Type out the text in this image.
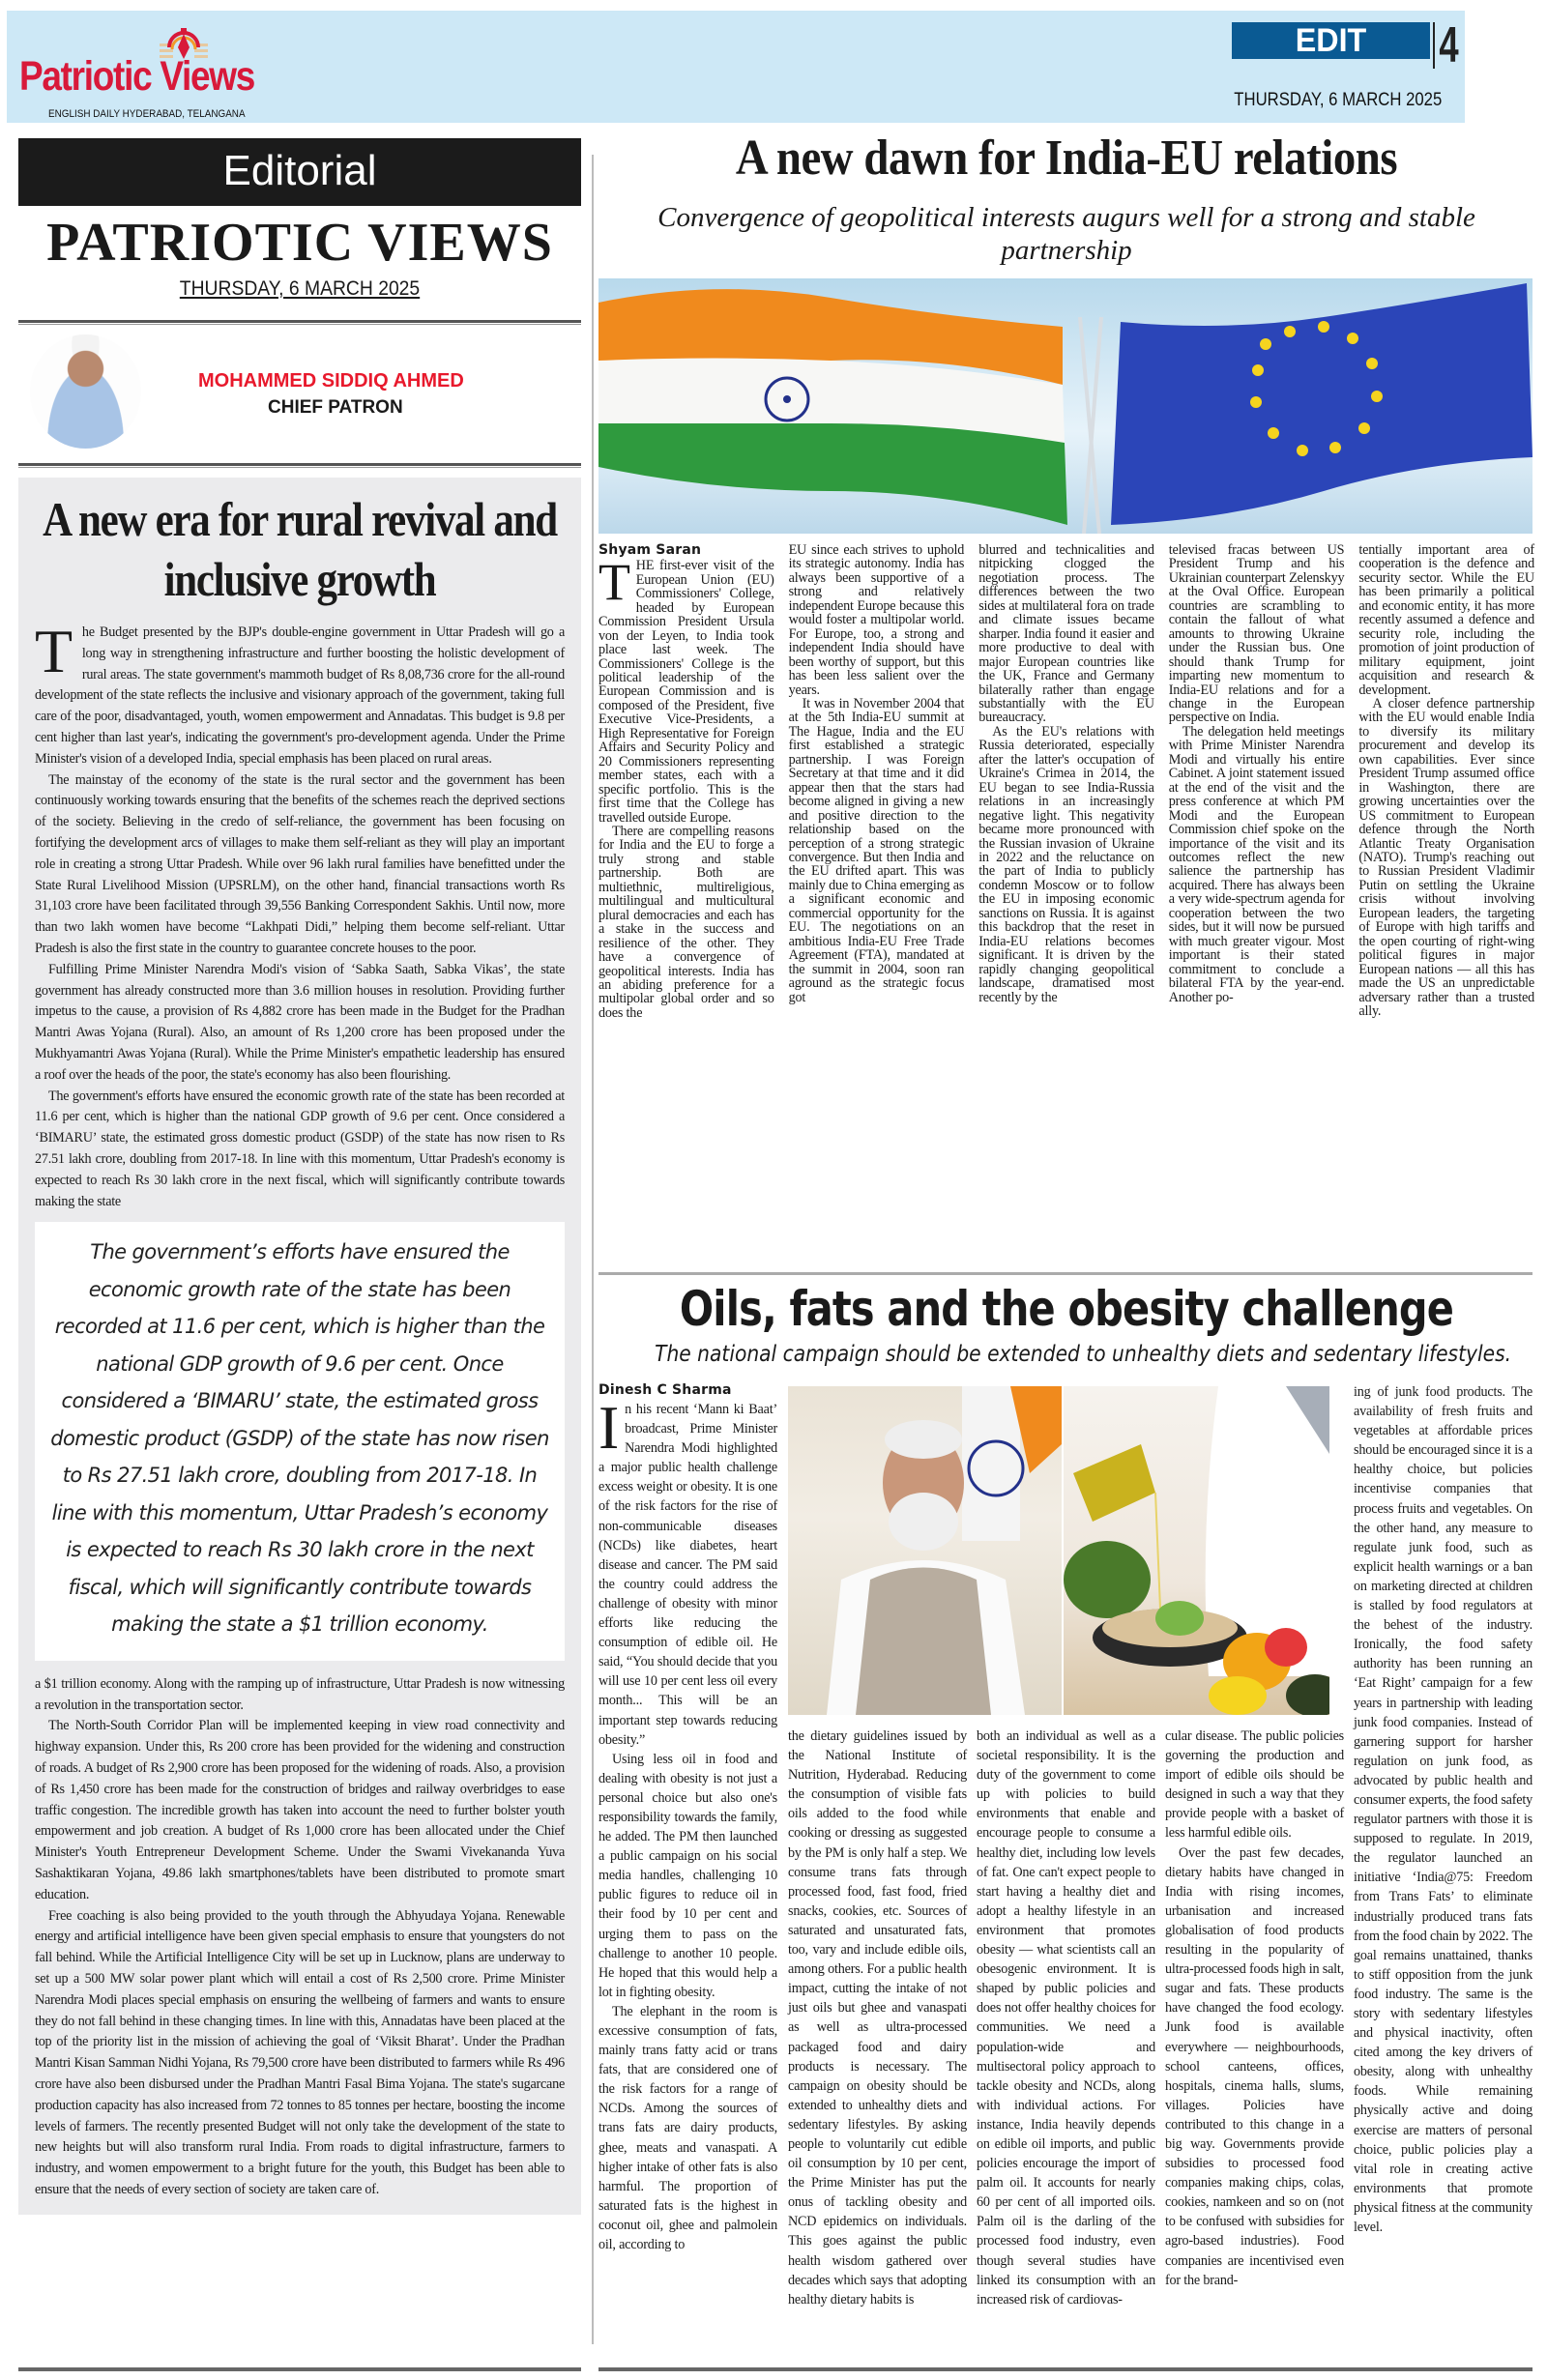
Patriotic Views
ENGLISH DAILY HYDERABAD, TELANGANA
EDIT	4
THURSDAY, 6 MARCH 2025
Editorial
PATRIOTIC VIEWS
THURSDAY, 6 MARCH 2025
MOHAMMED SIDDIQ AHMED
CHIEF PATRON
A new era for rural revival and inclusive growth

The Budget presented by the BJP's double-engine government in Uttar Pradesh will go a long way in strengthening infrastructure and further boosting the holistic development of rural areas. The state government's mammoth budget of Rs 8,08,736 crore for the all-round development of the state reflects the inclusive and visionary approach of the government, taking full care of the poor, disadvantaged, youth, women empowerment and Annadatas. This budget is 9.8 per cent higher than last year's, indicating the government's pro-development agenda. Under the Prime Minister's vision of a developed India, special emphasis has been placed on rural areas.

The mainstay of the economy of the state is the rural sector and the government has been continuously working towards ensuring that the benefits of the schemes reach the deprived sections of the society. Believing in the credo of self-reliance, the government has been focusing on fortifying the development arcs of villages to make them self-reliant as they will play an important role in creating a strong Uttar Pradesh. While over 96 lakh rural families have benefitted under the State Rural Livelihood Mission (UPSRLM), on the other hand, financial transactions worth Rs 31,103 crore have been facilitated through 39,556 Banking Correspondent Sakhis. Until now, more than two lakh women have become “Lakhpati Didi,” helping them become self-reliant. Uttar Pradesh is also the first state in the country to guarantee concrete houses to the poor.

Fulfilling Prime Minister Narendra Modi's vision of ‘Sabka Saath, Sabka Vikas’, the state government has already constructed more than 3.6 million houses in resolution. Providing further impetus to the cause, a provision of Rs 4,882 crore has been made in the Budget for the Pradhan Mantri Awas Yojana (Rural). Also, an amount of Rs 1,200 crore has been proposed under the Mukhyamantri Awas Yojana (Rural). While the Prime Minister's empathetic leadership has ensured a roof over the heads of the poor, the state's economy has also been flourishing.

The government's efforts have ensured the economic growth rate of the state has been recorded at 11.6 per cent, which is higher than the national GDP growth of 9.6 per cent. Once considered a ‘BIMARU’ state, the estimated gross domestic product (GSDP) of the state has now risen to Rs 27.51 lakh crore, doubling from 2017-18. In line with this momentum, Uttar Pradesh's economy is expected to reach Rs 30 lakh crore in the next fiscal, which will significantly contribute towards making the state

The government’s efforts have ensured the economic growth rate of the state has been recorded at 11.6 per cent, which is higher than the national GDP growth of 9.6 per cent. Once considered a ‘BIMARU’ state, the estimated gross domestic product (GSDP) of the state has now risen to Rs 27.51 lakh crore, doubling from 2017-18. In line with this momentum, Uttar Pradesh’s economy is expected to reach Rs 30 lakh crore in the next fiscal, which will significantly contribute towards making the state a $1 trillion economy.

a $1 trillion economy. Along with the ramping up of infrastructure, Uttar Pradesh is now witnessing a revolution in the transportation sector.

The North-South Corridor Plan will be implemented keeping in view road connectivity and highway expansion. Under this, Rs 200 crore has been provided for the widening and construction of roads. A budget of Rs 2,900 crore has been proposed for the widening of roads. Also, a provision of Rs 1,450 crore has been made for the construction of bridges and railway overbridges to ease traffic congestion. The incredible growth has taken into account the need to further bolster youth empowerment and job creation. A budget of Rs 1,000 crore has been allocated under the Chief Minister's Youth Entrepreneur Development Scheme. Under the Swami Vivekananda Yuva Sashaktikaran Yojana, 49.86 lakh smartphones/tablets have been distributed to promote smart education.

Free coaching is also being provided to the youth through the Abhyudaya Yojana. Renewable energy and artificial intelligence have been given special emphasis to ensure that youngsters do not fall behind. While the Artificial Intelligence City will be set up in Lucknow, plans are underway to set up a 500 MW solar power plant which will entail a cost of Rs 2,500 crore. Prime Minister Narendra Modi places special emphasis on ensuring the wellbeing of farmers and wants to ensure they do not fall behind in these changing times. In line with this, Annadatas have been placed at the top of the priority list in the mission of achieving the goal of ‘Viksit Bharat’. Under the Pradhan Mantri Kisan Samman Nidhi Yojana, Rs 79,500 crore have been distributed to farmers while Rs 496 crore have also been disbursed under the Pradhan Mantri Fasal Bima Yojana. The state's sugarcane production capacity has also increased from 72 tonnes to 85 tonnes per hectare, boosting the income levels of farmers. The recently presented Budget will not only take the development of the state to new heights but will also transform rural India. From roads to digital infrastructure, farmers to industry, and women empowerment to a bright future for the youth, this Budget has been able to ensure that the needs of every section of society are taken care of.

A new dawn for India-EU relations
Convergence of geopolitical interests augurs well for a strong and stable partnership
Shyam Saran

THE first-ever visit of the European Union (EU) Commissioners' College, headed by European Commission President Ursula von der Leyen, to India took place last week. The Commissioners' College is the political leadership of the European Commission and is composed of the President, five Executive Vice-Presidents, a High Representative for Foreign Affairs and Security Policy and 20 Commissioners representing member states, each with a specific portfolio. This is the first time that the College has travelled outside Europe.

There are compelling reasons for India and the EU to forge a truly strong and stable partnership. Both are multiethnic, multireligious, multilingual and multicultural plural democracies and each has a stake in the success and resilience of the other. They have a convergence of geopolitical interests. India has an abiding preference for a multipolar global order and so does the

EU since each strives to uphold its strategic autonomy. India has always been supportive of a strong and relatively independent Europe because this would foster a multipolar world. For Europe, too, a strong and independent India should have been worthy of support, but this has been less salient over the years.

It was in November 2004 that at the 5th India-EU summit at The Hague, India and the EU first established a strategic partnership. I was Foreign Secretary at that time and it did appear then that the stars had become aligned in giving a new and positive direction to the relationship based on the perception of a strong strategic convergence. But then India and the EU drifted apart. This was mainly due to China emerging as a significant economic and commercial opportunity for the EU. The negotiations on an ambitious India-EU Free Trade Agreement (FTA), mandated at the summit in 2004, soon ran aground as the strategic focus got

blurred and technicalities and nitpicking clogged the negotiation process. The differences between the two sides at multilateral fora on trade and climate issues became sharper. India found it easier and more productive to deal with major European countries like the UK, France and Germany bilaterally rather than engage substantially with the EU bureaucracy.

As the EU's relations with Russia deteriorated, especially after the latter's occupation of Ukraine's Crimea in 2014, the EU began to see India-Russia relations in an increasingly negative light. This negativity became more pronounced with the Russian invasion of Ukraine in 2022 and the reluctance on the part of India to publicly condemn Moscow or to follow the EU in imposing economic sanctions on Russia. It is against this backdrop that the reset in India-EU relations becomes significant. It is driven by the rapidly changing geopolitical landscape, dramatised most recently by the

televised fracas between US President Trump and his Ukrainian counterpart Zelenskyy at the Oval Office. European countries are scrambling to contain the fallout of what amounts to throwing Ukraine under the Russian bus. One should thank Trump for imparting new momentum to India-EU relations and for a change in the European perspective on India.

The delegation held meetings with Prime Minister Narendra Modi and virtually his entire Cabinet. A joint statement issued at the end of the visit and the press conference at which PM Modi and the European Commission chief spoke on the importance of the visit and its outcomes reflect the new salience the partnership has acquired. There has always been a very wide-spectrum agenda for cooperation between the two sides, but it will now be pursued with much greater vigour. Most important is their stated commitment to conclude a bilateral FTA by the year-end. Another po-

tentially important area of cooperation is the defence and security sector. While the EU has been primarily a political and economic entity, it has more recently assumed a defence and security role, including the promotion of joint production of military equipment, joint acquisition and research & development.

A closer defence partnership with the EU would enable India to diversify its military procurement and develop its own capabilities. Ever since President Trump assumed office in Washington, there are growing uncertainties over the US commitment to European defence through the North Atlantic Treaty Organisation (NATO). Trump's reaching out to Russian President Vladimir Putin on settling the Ukraine crisis without involving European leaders, the targeting of Europe with high tariffs and the open courting of right-wing political figures in major European nations — all this has made the US an unpredictable adversary rather than a trusted ally.

Oils, fats and the obesity challenge
The national campaign should be extended to unhealthy diets and sedentary lifestyles.
Dinesh C Sharma

In his recent ‘Mann ki Baat’ broadcast, Prime Minister Narendra Modi highlighted a major public health challenge excess weight or obesity. It is one of the risk factors for the rise of non-communicable diseases (NCDs) like diabetes, heart disease and cancer. The PM said the country could address the challenge of obesity with minor efforts like reducing the consumption of edible oil. He said, “You should decide that you will use 10 per cent less oil every month... This will be an important step towards reducing obesity.”

Using less oil in food and dealing with obesity is not just a personal choice but also one's responsibility towards the family, he added. The PM then launched a public campaign on his social media handles, challenging 10 public figures to reduce oil in their food by 10 per cent and urging them to pass on the challenge to another 10 people. He hoped that this would help a lot in fighting obesity.

The elephant in the room is excessive consumption of fats, mainly trans fatty acid or trans fats, that are considered one of the risk factors for a range of NCDs. Among the sources of trans fats are dairy products, ghee, meats and vanaspati. A higher intake of other fats is also harmful. The proportion of saturated fats is the highest in coconut oil, ghee and palmolein oil, according to

the dietary guidelines issued by the National Institute of Nutrition, Hyderabad. Reducing the consumption of visible fats oils added to the food while cooking or dressing as suggested by the PM is only half a step. We consume trans fats through processed food, fast food, fried snacks, cookies, etc. Sources of saturated and unsaturated fats, too, vary and include edible oils, among others. For a public health impact, cutting the intake of not just oils but ghee and vanaspati as well as ultra-processed packaged food and dairy products is necessary. The campaign on obesity should be extended to unhealthy diets and sedentary lifestyles. By asking people to voluntarily cut edible oil consumption by 10 per cent, the Prime Minister has put the onus of tackling obesity and NCD epidemics on individuals. This goes against the public health wisdom gathered over decades which says that adopting healthy dietary habits is

both an individual as well as a societal responsibility. It is the duty of the government to come up with policies to build environments that enable and encourage people to consume a healthy diet, including low levels of fat. One can't expect people to start having a healthy diet and adopt a healthy lifestyle in an environment that promotes obesity — what scientists call an obesogenic environment. It is shaped by public policies and does not offer healthy choices for communities. We need a population-wide and multisectoral policy approach to tackle obesity and NCDs, along with individual actions. For instance, India heavily depends on edible oil imports, and public policies encourage the import of palm oil. It accounts for nearly 60 per cent of all imported oils. Palm oil is the darling of the processed food industry, even though several studies have linked its consumption with an increased risk of cardiovas-

cular disease. The public policies governing the production and import of edible oils should be designed in such a way that they provide people with a basket of less harmful edible oils.

Over the past few decades, dietary habits have changed in India with rising incomes, urbanisation and increased globalisation of food products resulting in the popularity of ultra-processed foods high in salt, sugar and fats. These products have changed the food ecology. Junk food is available everywhere — neighbourhoods, school canteens, offices, hospitals, cinema halls, slums, villages. Policies have contributed to this change in a big way. Governments provide subsidies to processed food companies making chips, colas, cookies, namkeen and so on (not to be confused with subsidies for agro-based industries). Food companies are incentivised even for the brand-

ing of junk food products. The availability of fresh fruits and vegetables at affordable prices should be encouraged since it is a healthy choice, but policies incentivise companies that process fruits and vegetables. On the other hand, any measure to regulate junk food, such as explicit health warnings or a ban on marketing directed at children is stalled by food regulators at the behest of the industry. Ironically, the food safety authority has been running an ‘Eat Right’ campaign for a few years in partnership with leading junk food companies. Instead of garnering support for harsher regulation on junk food, as advocated by public health and consumer experts, the food safety regulator partners with those it is supposed to regulate. In 2019, the regulator launched an initiative ‘India@75: Freedom from Trans Fats’ to eliminate industrially produced trans fats from the food chain by 2022. The goal remains unattained, thanks to stiff opposition from the junk food industry. The same is the story with sedentary lifestyles and physical inactivity, often cited among the key drivers of obesity, along with unhealthy foods. While remaining physically active and doing exercise are matters of personal choice, public policies play a vital role in creating active environments that promote physical fitness at the community level.
